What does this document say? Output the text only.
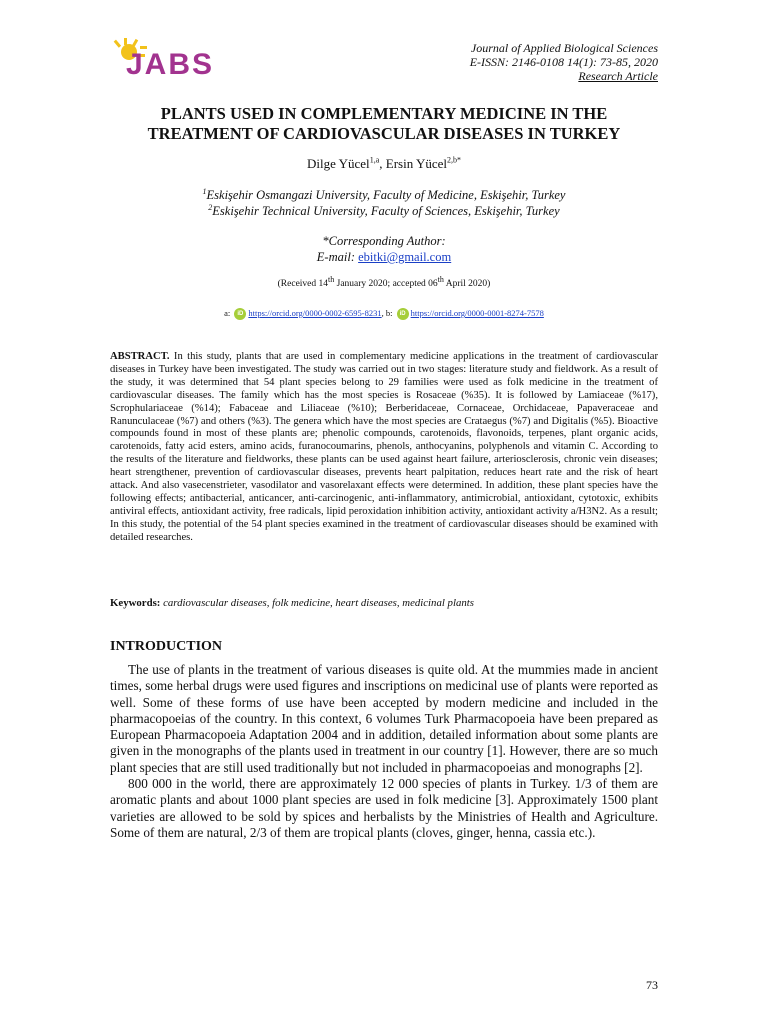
JABS	Journal of Applied Biological Sciences
E-ISSN: 2146-0108 14(1): 73-85, 2020
Research Article
PLANTS USED IN COMPLEMENTARY MEDICINE IN THE
TREATMENT OF CARDIOVASCULAR DISEASES IN TURKEY
Dilge Yücel$^{1,a}$, Ersin Yücel$^{2,b*}$
$^1$Eskişehir Osmangazi University, Faculty of Medicine, Eskişehir, Turkey
$^2$Eskişehir Technical University, Faculty of Sciences, Eskişehir, Turkey
*Corresponding Author:
E-mail: ebitki@gmail.com
(Received 14th January 2020; accepted 06th April 2020)
a: iD https://orcid.org/0000-0002-6595-8231, b: iD https://orcid.org/0000-0001-8274-7578

ABSTRACT. In this study, plants that are used in complementary medicine applications in the treatment of cardiovascular diseases in Turkey have been investigated. The study was carried out in two stages: literature study and fieldwork. As a result of the study, it was determined that 54 plant species belong to 29 families were used as folk medicine in the treatment of cardiovascular diseases. The family which has the most species is Rosaceae (%35). It is followed by Lamiaceae (%17), Scrophulariaceae (%14); Fabaceae and Liliaceae (%10); Berberidaceae, Cornaceae, Orchidaceae, Papaveraceae and Ranunculaceae (%7) and others (%3). The genera which have the most species are Crataegus (%7) and Digitalis (%5). Bioactive compounds found in most of these plants are; phenolic compounds, carotenoids, flavonoids, terpenes, plant organic acids, carotenoids, fatty acid esters, amino acids, furanocoumarins, phenols, anthocyanins, polyphenols and vitamin C. According to the results of the literature and fieldworks, these plants can be used against heart failure, arteriosclerosis, chronic vein diseases; heart strengthener, prevention of cardiovascular diseases, prevents heart palpitation, reduces heart rate and the risk of heart attack. And also vasecenstrieter, vasodilator and vasorelaxant effects were determined. In addition, these plant species have the following effects; antibacterial, anticancer, anti-carcinogenic, anti-inflammatory, antimicrobial, antioxidant, cytotoxic, exhibits antiviral effects, antioxidant activity, free radicals, lipid peroxidation inhibition activity, antioxidant activity a/H3N2. As a result; In this study, the potential of the 54 plant species examined in the treatment of cardiovascular diseases should be examined with detailed researches.

Keywords: cardiovascular diseases, folk medicine, heart diseases, medicinal plants
INTRODUCTION

The use of plants in the treatment of various diseases is quite old. At the mummies made in ancient times, some herbal drugs were used figures and inscriptions on medicinal use of plants were reported as well. Some of these forms of use have been accepted by modern medicine and included in the pharmacopoeias of the country. In this context, 6 volumes Turk Pharmacopoeia have been prepared as European Pharmacopoeia Adaptation 2004 and in addition, detailed information about some plants are given in the monographs of the plants used in treatment in our country [1]. However, there are so much plant species that are still used traditionally but not included in pharmacopoeias and monographs [2].

800 000 in the world, there are approximately 12 000 species of plants in Turkey. 1/3 of them are aromatic plants and about 1000 plant species are used in folk medicine [3]. Approximately 1500 plant varieties are allowed to be sold by spices and herbalists by the Ministries of Health and Agriculture. Some of them are natural, 2/3 of them are tropical plants (cloves, ginger, henna, cassia etc.).

73
